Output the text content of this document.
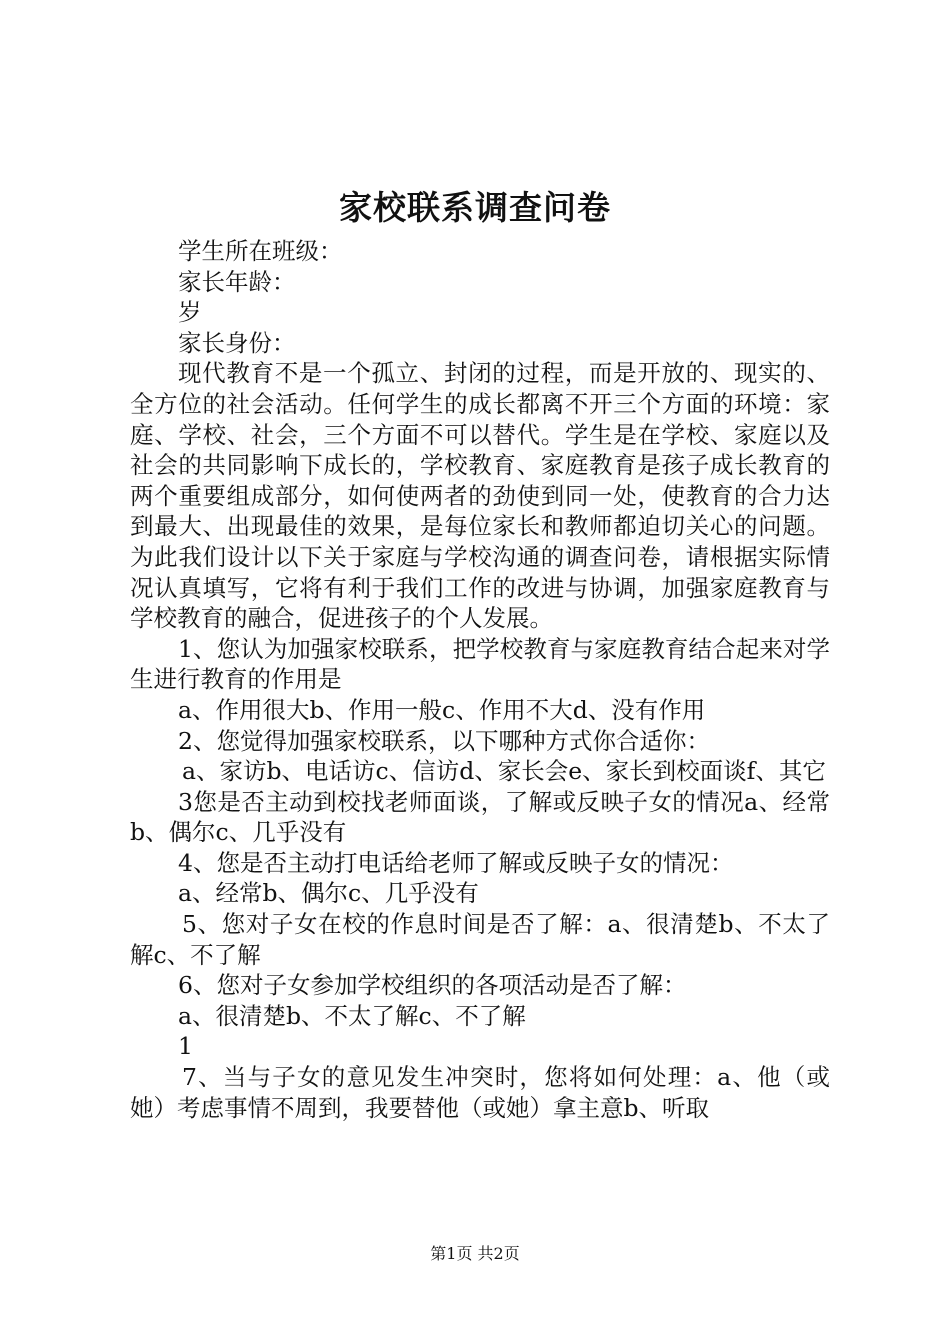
家校联系调查问卷

学生所在班级：

家长年龄：

岁

家长身份：

现代教育不是一个孤立、封闭的过程，而是开放的、现实的、全方位的社会活动。任何学生的成长都离不开三个方面的环境：家庭、学校、社会，三个方面不可以替代。学生是在学校、家庭以及社会的共同影响下成长的，学校教育、家庭教育是孩子成长教育的两个重要组成部分，如何使两者的劲使到同一处，使教育的合力达到最大、出现最佳的效果，是每位家长和教师都迫切关心的问题。为此我们设计以下关于家庭与学校沟通的调查问卷，请根据实际情况认真填写，它将有利于我们工作的改进与协调，加强家庭教育与学校教育的融合，促进孩子的个人发展。

1、您认为加强家校联系，把学校教育与家庭教育结合起来对学生进行教育的作用是

a、作用很大b、作用一般c、作用不大d、没有作用

2、您觉得加强家校联系，以下哪种方式你合适你：

a、家访b、电话访c、信访d、家长会e、家长到校面谈f、其它

3您是否主动到校找老师面谈，了解或反映子女的情况a、经常b、偶尔c、几乎没有

4、您是否主动打电话给老师了解或反映子女的情况：

a、经常b、偶尔c、几乎没有

5、您对子女在校的作息时间是否了解：a、很清楚b、不太了解c、不了解

6、您对子女参加学校组织的各项活动是否了解：

a、很清楚b、不太了解c、不了解

1

7、当与子女的意见发生冲突时，您将如何处理：a、他（或她）考虑事情不周到，我要替他（或她）拿主意b、听取

第1页 共2页
